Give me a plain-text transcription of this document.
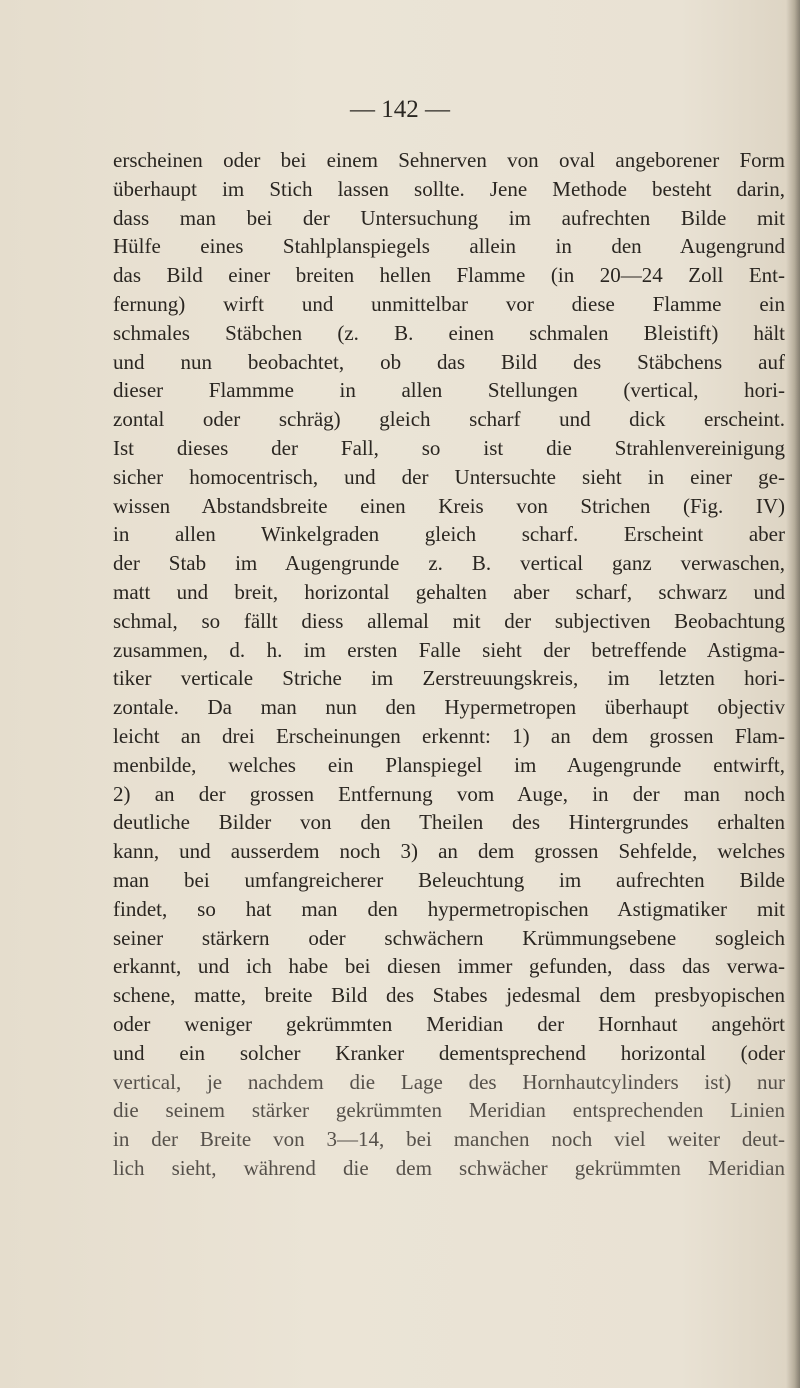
— 142 —
erscheinen oder bei einem Sehnerven von oval angeborener Form
überhaupt im Stich lassen sollte. Jene Methode besteht darin,
dass man bei der Untersuchung im aufrechten Bilde mit
Hülfe eines Stahlplanspiegels allein in den Augengrund
das Bild einer breiten hellen Flamme (in 20—24 Zoll Ent-
fernung) wirft und unmittelbar vor diese Flamme ein
schmales Stäbchen (z. B. einen schmalen Bleistift) hält
und nun beobachtet, ob das Bild des Stäbchens auf
dieser Flammme in allen Stellungen (vertical, hori-
zontal oder schräg) gleich scharf und dick erscheint.
Ist dieses der Fall, so ist die Strahlenvereinigung
sicher homocentrisch, und der Untersuchte sieht in einer ge-
wissen Abstandsbreite einen Kreis von Strichen (Fig. IV)
in allen Winkelgraden gleich scharf. Erscheint aber
der Stab im Augengrunde z. B. vertical ganz verwaschen,
matt und breit, horizontal gehalten aber scharf, schwarz und
schmal, so fällt diess allemal mit der subjectiven Beobachtung
zusammen, d. h. im ersten Falle sieht der betreffende Astigma-
tiker verticale Striche im Zerstreuungskreis, im letzten hori-
zontale. Da man nun den Hypermetropen überhaupt objectiv
leicht an drei Erscheinungen erkennt: 1) an dem grossen Flam-
menbilde, welches ein Planspiegel im Augengrunde entwirft,
2) an der grossen Entfernung vom Auge, in der man noch
deutliche Bilder von den Theilen des Hintergrundes erhalten
kann, und ausserdem noch 3) an dem grossen Sehfelde, welches
man bei umfangreicherer Beleuchtung im aufrechten Bilde
findet, so hat man den hypermetropischen Astigmatiker mit
seiner stärkern oder schwächern Krümmungsebene sogleich
erkannt, und ich habe bei diesen immer gefunden, dass das verwa-
schene, matte, breite Bild des Stabes jedesmal dem presbyopischen
oder weniger gekrümmten Meridian der Hornhaut angehört
und ein solcher Kranker dementsprechend horizontal (oder
vertical, je nachdem die Lage des Hornhautcylinders ist) nur
die seinem stärker gekrümmten Meridian entsprechenden Linien
in der Breite von 3—14, bei manchen noch viel weiter deut-
lich sieht, während die dem schwächer gekrümmten Meridian
